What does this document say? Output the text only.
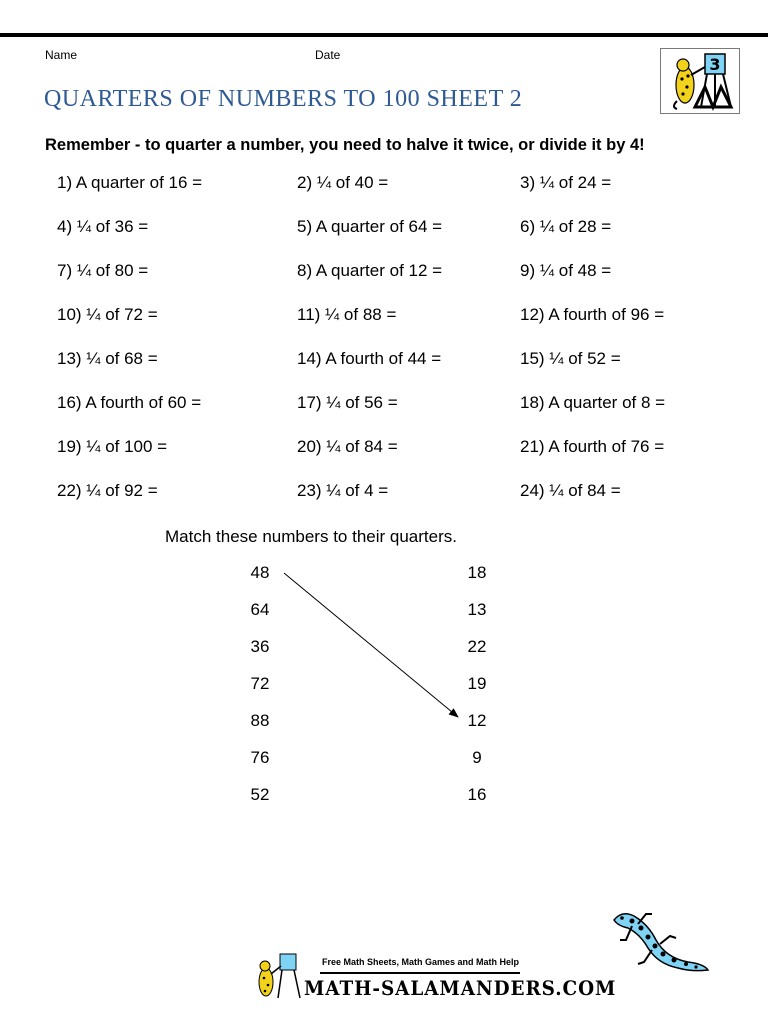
Name	Date
QUARTERS OF NUMBERS TO 100 SHEET 2
3
Remember - to quarter a number, you need to halve it twice, or divide it by 4!
1) A quarter of 16 =	2) ¼ of 40 =	3) ¼ of 24 =
4) ¼ of 36 =	5) A quarter of 64 =	6) ¼ of 28 =
7) ¼ of 80 =	8) A quarter of 12 =	9) ¼ of 48 =
10) ¼ of 72 =	11) ¼ of 88 =	12) A fourth of 96 =
13) ¼ of 68 =	14) A fourth of 44 =	15) ¼ of 52 =
16) A fourth of 60 =	17) ¼ of 56 =	18) A quarter of 8 =
19) ¼ of 100 =	20) ¼ of 84 =	21) A fourth of 76 =
22) ¼ of 92 =	23) ¼ of 4 =	24) ¼ of 84 =
Match these numbers to their quarters.
48
64
36
72
88
76
52
18
13
22
19
12
9
16
Free Math Sheets, Math Games and Math Help
MATH-SALAMANDERS.COM
